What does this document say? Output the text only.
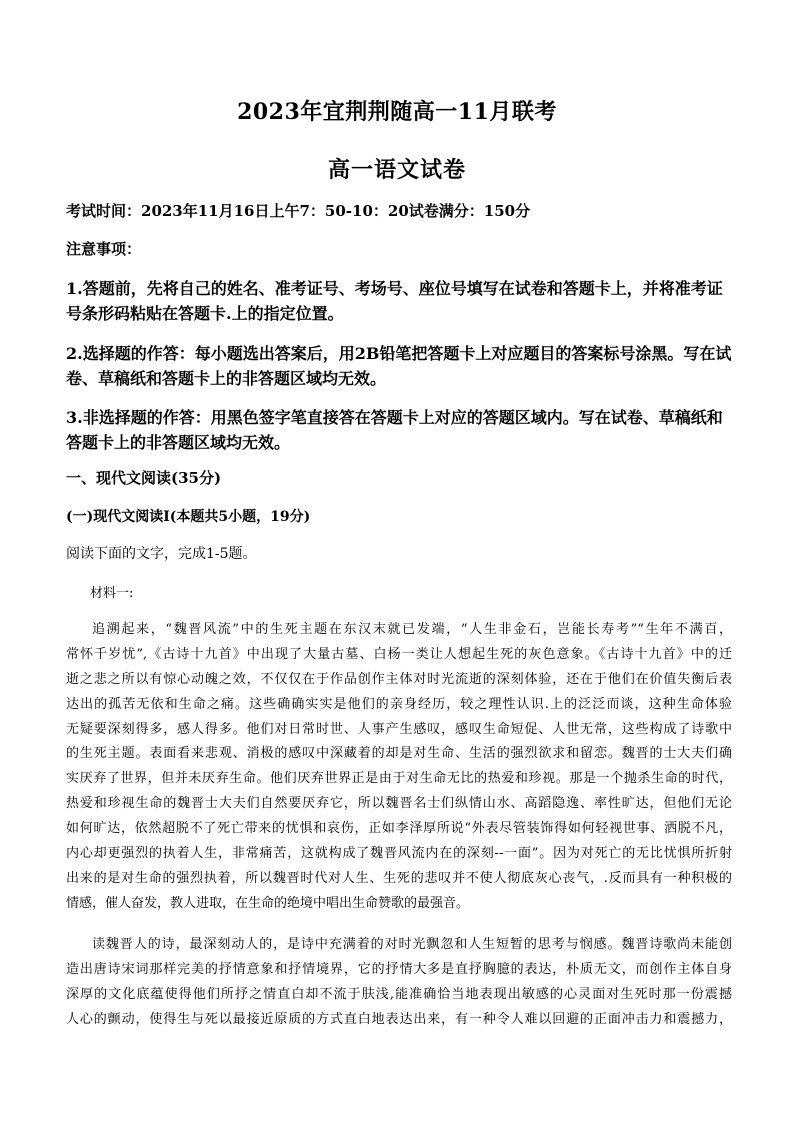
2023年宜荆荆随高一11月联考
高一语文试卷
考试时间：2023年11月16日上午7：50-10：20试卷满分：150分
注意事项：
1.答题前，先将自己的姓名、准考证号、考场号、座位号填写在试卷和答题卡上，并将准考证
号条形码粘贴在答题卡.上的指定位置。
2.选择题的作答：每小题选出答案后，用2B铅笔把答题卡上对应题目的答案标号涂黑。写在试
卷、草稿纸和答题卡上的非答题区域均无效。
3.非选择题的作答：用黑色签字笔直接答在答题卡上对应的答题区域内。写在试卷、草稿纸和
答题卡上的非答题区域均无效。
一、现代文阅读(35分)
(一)现代文阅读Ⅰ(本题共5小题，19分)
阅读下面的文字，完成1-5题。
材料一:
追溯起来，“魏晋风流”中的生死主题在东汉末就已发端，“人生非金石，岂能长寿考”“生年不满百，
常怀千岁忧”,《古诗十九首》中出现了大量古墓、白杨一类让人想起生死的灰色意象。《古诗十九首》中的迁
逝之悲之所以有惊心动魄之效，不仅仅在于作品创作主体对时光流逝的深刻体验，还在于他们在价值失衡后表
达出的孤苦无依和生命之痛。这些确确实实是他们的亲身经历，较之理性认识.上的泛泛而谈，这种生命体验
无疑要深刻得多，感人得多。他们对日常时世、人事产生感叹，感叹生命短促、人世无常，这些构成了诗歌中
的生死主题。表面看来悲观、消极的感叹中深藏着的却是对生命、生活的强烈欲求和留恋。魏晋的士大夫们确
实厌弃了世界，但并未厌弃生命。他们厌弃世界正是由于对生命无比的热爱和珍视。那是一个抛杀生命的时代，
热爱和珍视生命的魏晋士大夫们自然要厌弃它，所以魏晋名士们纵情山水、高蹈隐逸、率性旷达，但他们无论
如何旷达，依然超脱不了死亡带来的忧惧和哀伤，正如李泽厚所说“外表尽管装饰得如何轻视世事、洒脱不凡，
内心却更强烈的执着人生，非常痛苦，这就构成了魏晋风流内在的深刻--一面”。因为对死亡的无比忧惧所折射
出来的是对生命的强烈执着，所以魏晋时代对人生、生死的悲叹并不使人彻底灰心丧气，.反而具有一种积极的
情感，催人奋发，教人进取，在生命的绝境中唱出生命赞歌的最强音。
读魏晋人的诗，最深刻动人的，是诗中充满着的对时光飘忽和人生短暂的思考与悯感。魏晋诗歌尚未能创
造出唐诗宋词那样完美的抒情意象和抒情境界，它的抒情大多是直抒胸臆的表达，朴质无文，而创作主体自身
深厚的文化底蕴使得他们所抒之情直白却不流于肤浅,能准确恰当地表现出敏感的心灵面对生死时那一份震撼
人心的颤动，使得生与死以最接近原质的方式直白地表达出来，有一种令人难以回避的正面冲击力和震撼力，
